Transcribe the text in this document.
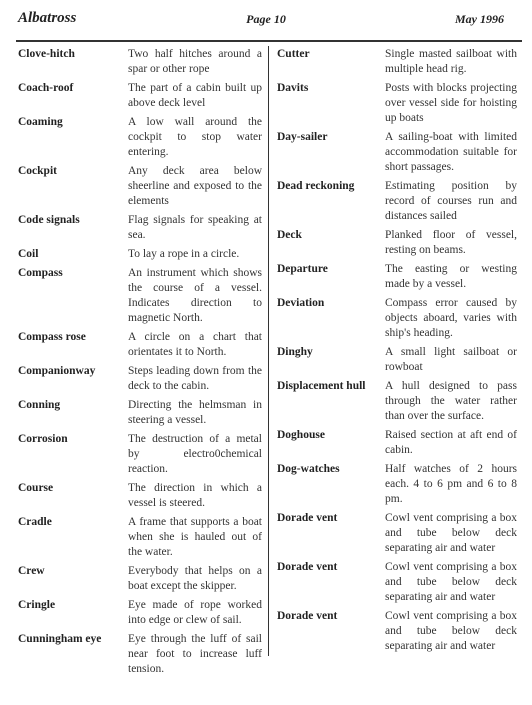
Albatross	Page 10	May 1996
Clove-hitch	Two half hitches around a spar or other rope
Coach-roof	The part of a cabin built up above deck level
Coaming	A low wall around the cockpit to stop water entering.
Cockpit	Any deck area below sheerline and exposed to the elements
Code signals	Flag signals for speaking at sea.
Coil	To lay a rope in a circle.
Compass	An instrument which shows the course of a vessel. Indicates direction to magnetic North.
Compass rose	A circle on a chart that orientates it to North.
Companionway	Steps leading down from the deck to the cabin.
Conning	Directing the helmsman in steering a vessel.
Corrosion	The destruction of a metal by electro0chemical reaction.
Course	The direction in which a vessel is steered.
Cradle	A frame that supports a boat when she is hauled out of the water.
Crew	Everybody that helps on a boat except the skipper.
Cringle	Eye made of rope worked into edge or clew of sail.
Cunningham eye	Eye through the luff of sail near foot to increase luff tension.
Cutter	Single masted sailboat with multiple head rig.
Davits	Posts with blocks projecting over vessel side for hoisting up boats
Day-sailer	A sailing-boat with limited accommodation suitable for short passages.
Dead reckoning	Estimating position by record of courses run and distances sailed
Deck	Planked floor of vessel, resting on beams.
Departure	The easting or westing made by a vessel.
Deviation	Compass error caused by objects aboard, varies with ship's heading.
Dinghy	A small light sailboat or rowboat
Displacement hull	A hull designed to pass through the water rather than over the surface.
Doghouse	Raised section at aft end of cabin.
Dog-watches	Half watches of 2 hours each. 4 to 6 pm and 6 to 8 pm.
Dorade vent	Cowl vent comprising a box and tube below deck separating air and water
Dorade vent	Cowl vent comprising a box and tube below deck separating air and water
Dorade vent	Cowl vent comprising a box and tube below deck separating air and water
